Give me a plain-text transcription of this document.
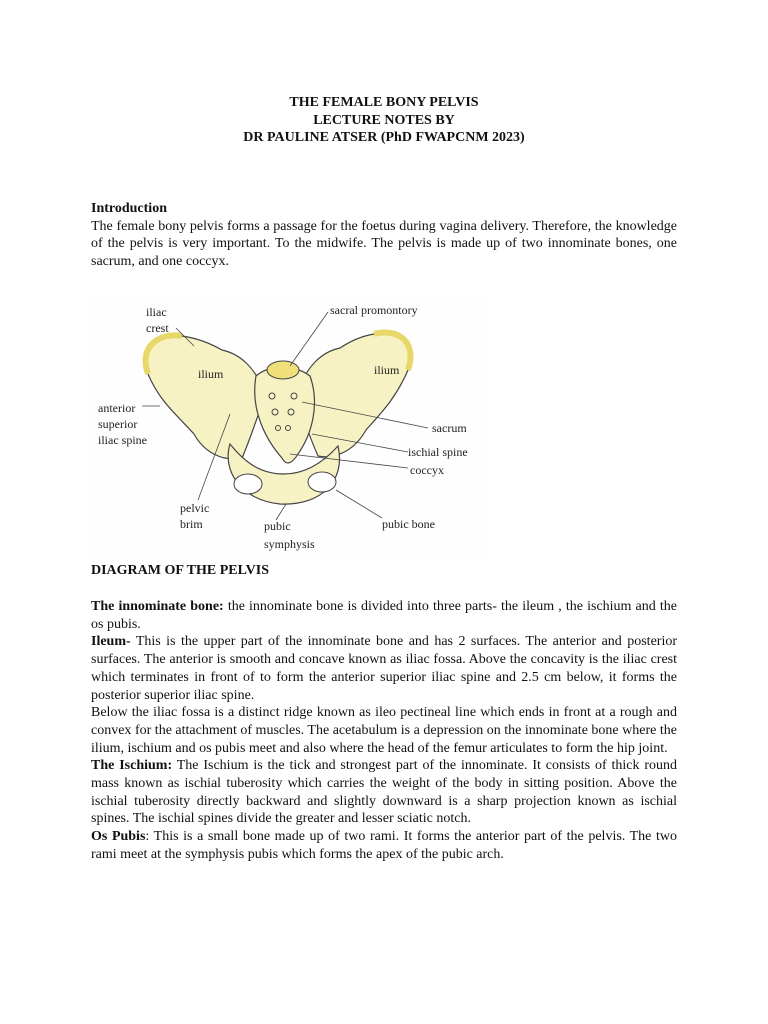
THE FEMALE BONY PELVIS
LECTURE NOTES BY
DR PAULINE ATSER (PhD FWAPCNM 2023)

Introduction

The female bony pelvis forms a passage for the foetus during vagina delivery. Therefore, the knowledge of the pelvis is very important. To the midwife. The pelvis is made up of two innominate bones, one sacrum, and one coccyx.

iliac
crest
sacral promontory
ilium	ilium
anterior
superior
iliac spine
sacrum
ischial spine
coccyx
pelvic
brim	pubic
symphysis
pubic bone
DIAGRAM OF THE PELVIS

The innominate bone: the innominate bone is divided into three parts- the ileum , the ischium and the os pubis.

Ileum- This is the upper part of the innominate bone and has 2 surfaces. The anterior and posterior surfaces. The anterior is smooth and concave known as iliac fossa. Above the concavity is the iliac crest which terminates in front of to form the anterior superior iliac spine and 2.5 cm below, it forms the posterior superior iliac spine.

Below the iliac fossa is a distinct ridge known as ileo pectineal line which ends in front at a rough and convex for the attachment of muscles. The acetabulum is a depression on the innominate bone where the ilium, ischium and os pubis meet and also where the head of the femur articulates to form the hip joint.

The Ischium: The Ischium is the tick and strongest part of the innominate. It consists of thick round mass known as ischial tuberosity which carries the weight of the body in sitting position. Above the ischial tuberosity directly backward and slightly downward is a sharp projection known as ischial spines. The ischial spines divide the greater and lesser sciatic notch.

Os Pubis: This is a small bone made up of two rami. It forms the anterior part of the pelvis. The two rami meet at the symphysis pubis which forms the apex of the pubic arch.
